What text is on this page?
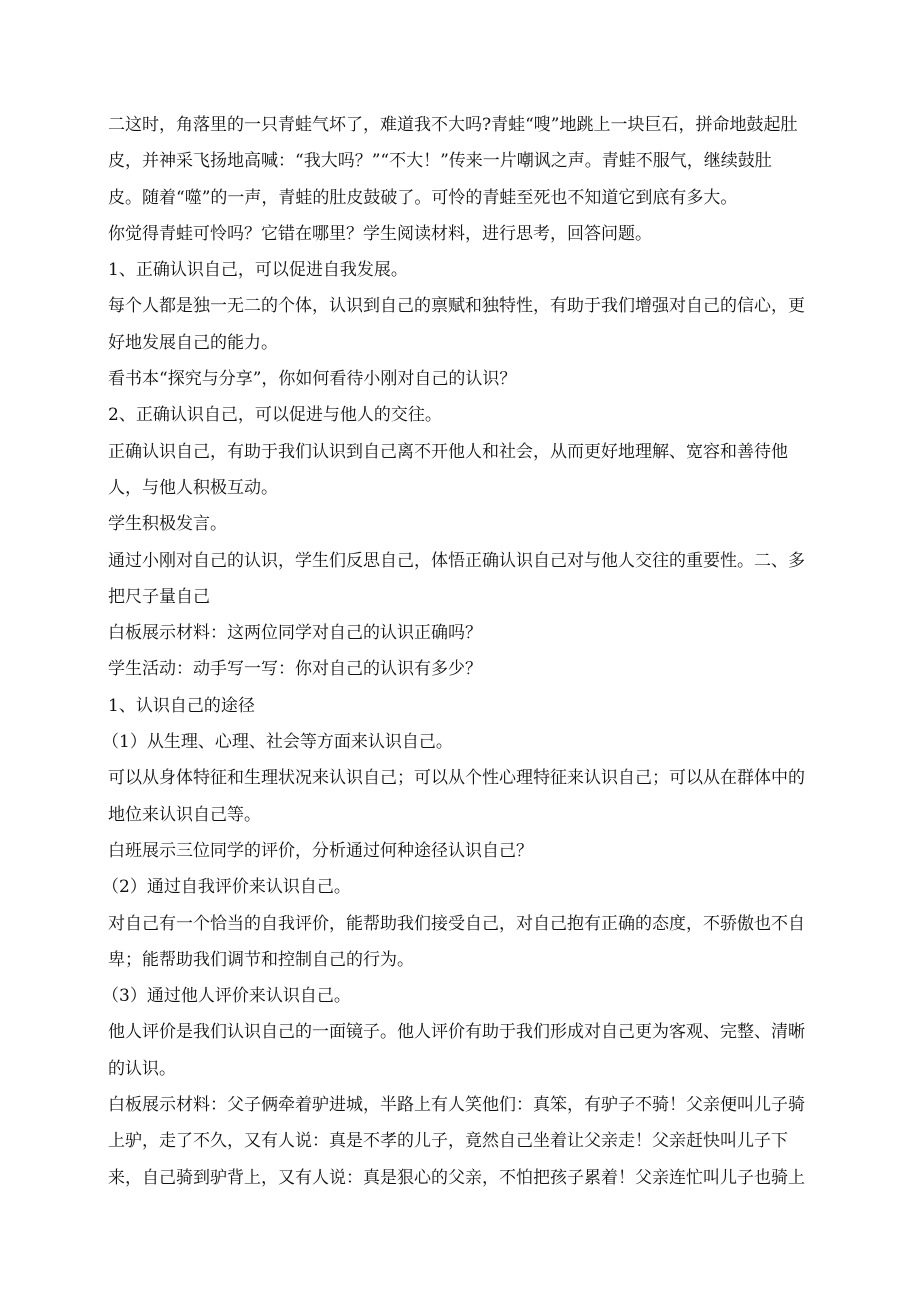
二这时，角落里的一只青蛙气坏了，难道我不大吗?青蛙“嗖”地跳上一块巨石，拼命地鼓起肚
皮，并神采飞扬地高喊：“我大吗？”“不大！”传来一片嘲讽之声。青蛙不服气，继续鼓肚
皮。随着“噬”的一声，青蛙的肚皮鼓破了。可怜的青蛙至死也不知道它到底有多大。
你觉得青蛙可怜吗？它错在哪里？学生阅读材料，进行思考，回答问题。
1、正确认识自己，可以促进自我发展。
每个人都是独一无二的个体，认识到自己的禀赋和独特性，有助于我们增强对自己的信心，更
好地发展自己的能力。
看书本“探究与分享”，你如何看待小刚对自己的认识？
2、正确认识自己，可以促进与他人的交往。
正确认识自己，有助于我们认识到自己离不开他人和社会，从而更好地理解、宽容和善待他
人，与他人积极互动。
学生积极发言。
通过小刚对自己的认识，学生们反思自己，体悟正确认识自己对与他人交往的重要性。二、多
把尺子量自己
白板展示材料：这两位同学对自己的认识正确吗？
学生活动：动手写一写：你对自己的认识有多少？
1、认识自己的途径
（1）从生理、心理、社会等方面来认识自己。
可以从身体特征和生理状况来认识自己；可以从个性心理特征来认识自己；可以从在群体中的
地位来认识自己等。
白班展示三位同学的评价，分析通过何种途径认识自己？
（2）通过自我评价来认识自己。
对自己有一个恰当的自我评价，能帮助我们接受自己，对自己抱有正确的态度，不骄傲也不自
卑；能帮助我们调节和控制自己的行为。
（3）通过他人评价来认识自己。
他人评价是我们认识自己的一面镜子。他人评价有助于我们形成对自己更为客观、完整、清晰
的认识。
白板展示材料：父子俩牵着驴进城，半路上有人笑他们：真笨，有驴子不骑！父亲便叫儿子骑
上驴，走了不久，又有人说：真是不孝的儿子，竟然自己坐着让父亲走！父亲赶快叫儿子下
来，自己骑到驴背上，又有人说：真是狠心的父亲，不怕把孩子累着！父亲连忙叫儿子也骑上
